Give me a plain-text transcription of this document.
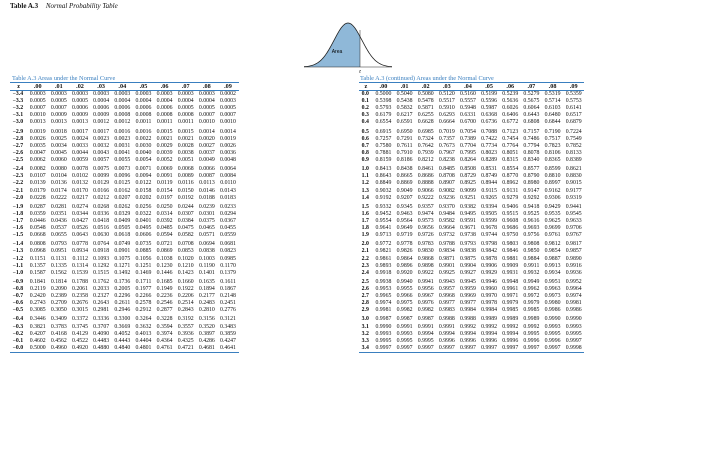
Table A.3 Normal Probability Table
Area
z
Table A.3 Areas under the Normal Curve	Table A.3 (continued) Areas under the Normal Curve
z	.00	.01	.02	.03	.04	.05	.06	.07	.08	.09
−3.4	0.0003	0.0003	0.0003	0.0003	0.0003	0.0003	0.0003	0.0003	0.0003	0.0002
−3.3	0.0005	0.0005	0.0005	0.0004	0.0004	0.0004	0.0004	0.0004	0.0004	0.0003
−3.2	0.0007	0.0007	0.0006	0.0006	0.0006	0.0006	0.0006	0.0005	0.0005	0.0005
−3.1	0.0010	0.0009	0.0009	0.0009	0.0008	0.0008	0.0008	0.0008	0.0007	0.0007
−3.0	0.0013	0.0013	0.0013	0.0012	0.0012	0.0011	0.0011	0.0011	0.0010	0.0010
−2.9	0.0019	0.0018	0.0017	0.0017	0.0016	0.0016	0.0015	0.0015	0.0014	0.0014
−2.8	0.0026	0.0025	0.0024	0.0023	0.0023	0.0022	0.0021	0.0021	0.0020	0.0019
−2.7	0.0035	0.0034	0.0033	0.0032	0.0031	0.0030	0.0029	0.0028	0.0027	0.0026
−2.6	0.0047	0.0045	0.0044	0.0043	0.0041	0.0040	0.0039	0.0038	0.0037	0.0036
−2.5	0.0062	0.0060	0.0059	0.0057	0.0055	0.0054	0.0052	0.0051	0.0049	0.0048
−2.4	0.0082	0.0080	0.0078	0.0075	0.0073	0.0071	0.0069	0.0068	0.0066	0.0064
−2.3	0.0107	0.0104	0.0102	0.0099	0.0096	0.0094	0.0091	0.0089	0.0087	0.0084
−2.2	0.0139	0.0136	0.0132	0.0129	0.0125	0.0122	0.0119	0.0116	0.0113	0.0110
−2.1	0.0179	0.0174	0.0170	0.0166	0.0162	0.0158	0.0154	0.0150	0.0146	0.0143
−2.0	0.0228	0.0222	0.0217	0.0212	0.0207	0.0202	0.0197	0.0192	0.0188	0.0183
−1.9	0.0287	0.0281	0.0274	0.0268	0.0262	0.0256	0.0250	0.0244	0.0239	0.0233
−1.8	0.0359	0.0351	0.0344	0.0336	0.0329	0.0322	0.0314	0.0307	0.0301	0.0294
−1.7	0.0446	0.0436	0.0427	0.0418	0.0409	0.0401	0.0392	0.0384	0.0375	0.0367
−1.6	0.0548	0.0537	0.0526	0.0516	0.0505	0.0495	0.0485	0.0475	0.0465	0.0455
−1.5	0.0668	0.0655	0.0643	0.0630	0.0618	0.0606	0.0594	0.0582	0.0571	0.0559
−1.4	0.0808	0.0793	0.0778	0.0764	0.0749	0.0735	0.0721	0.0708	0.0694	0.0681
−1.3	0.0968	0.0951	0.0934	0.0918	0.0901	0.0885	0.0869	0.0853	0.0838	0.0823
−1.2	0.1151	0.1131	0.1112	0.1093	0.1075	0.1056	0.1038	0.1020	0.1003	0.0985
−1.1	0.1357	0.1335	0.1314	0.1292	0.1271	0.1251	0.1230	0.1210	0.1190	0.1170
−1.0	0.1587	0.1562	0.1539	0.1515	0.1492	0.1469	0.1446	0.1423	0.1401	0.1379
−0.9	0.1841	0.1814	0.1788	0.1762	0.1736	0.1711	0.1685	0.1660	0.1635	0.1611
−0.8	0.2119	0.2090	0.2061	0.2033	0.2005	0.1977	0.1949	0.1922	0.1894	0.1867
−0.7	0.2420	0.2389	0.2358	0.2327	0.2296	0.2266	0.2236	0.2206	0.2177	0.2148
−0.6	0.2743	0.2709	0.2676	0.2643	0.2611	0.2578	0.2546	0.2514	0.2483	0.2451
−0.5	0.3085	0.3050	0.3015	0.2981	0.2946	0.2912	0.2877	0.2843	0.2810	0.2776
−0.4	0.3446	0.3409	0.3372	0.3336	0.3300	0.3264	0.3228	0.3192	0.3156	0.3121
−0.3	0.3821	0.3783	0.3745	0.3707	0.3669	0.3632	0.3594	0.3557	0.3520	0.3483
−0.2	0.4207	0.4168	0.4129	0.4090	0.4052	0.4013	0.3974	0.3936	0.3897	0.3859
−0.1	0.4602	0.4562	0.4522	0.4483	0.4443	0.4404	0.4364	0.4325	0.4286	0.4247
−0.0	0.5000	0.4960	0.4920	0.4880	0.4840	0.4801	0.4761	0.4721	0.4681	0.4641
z	.00	.01	.02	.03	.04	.05	.06	.07	.08	.09
0.0	0.5000	0.5040	0.5080	0.5120	0.5160	0.5199	0.5239	0.5279	0.5319	0.5359
0.1	0.5398	0.5438	0.5478	0.5517	0.5557	0.5596	0.5636	0.5675	0.5714	0.5753
0.2	0.5793	0.5832	0.5871	0.5910	0.5948	0.5987	0.6026	0.6064	0.6103	0.6141
0.3	0.6179	0.6217	0.6255	0.6293	0.6331	0.6368	0.6406	0.6443	0.6480	0.6517
0.4	0.6554	0.6591	0.6628	0.6664	0.6700	0.6736	0.6772	0.6808	0.6844	0.6879
0.5	0.6915	0.6950	0.6985	0.7019	0.7054	0.7088	0.7123	0.7157	0.7190	0.7224
0.6	0.7257	0.7291	0.7324	0.7357	0.7389	0.7422	0.7454	0.7486	0.7517	0.7549
0.7	0.7580	0.7611	0.7642	0.7673	0.7704	0.7734	0.7764	0.7794	0.7823	0.7852
0.8	0.7881	0.7910	0.7939	0.7967	0.7995	0.8023	0.8051	0.8078	0.8106	0.8133
0.9	0.8159	0.8186	0.8212	0.8238	0.8264	0.8289	0.8315	0.8340	0.8365	0.8389
1.0	0.8413	0.8438	0.8461	0.8485	0.8508	0.8531	0.8554	0.8577	0.8599	0.8621
1.1	0.8643	0.8665	0.8686	0.8708	0.8729	0.8749	0.8770	0.8790	0.8810	0.8830
1.2	0.8849	0.8869	0.8888	0.8907	0.8925	0.8944	0.8962	0.8980	0.8997	0.9015
1.3	0.9032	0.9049	0.9066	0.9082	0.9099	0.9115	0.9131	0.9147	0.9162	0.9177
1.4	0.9192	0.9207	0.9222	0.9236	0.9251	0.9265	0.9279	0.9292	0.9306	0.9319
1.5	0.9332	0.9345	0.9357	0.9370	0.9382	0.9394	0.9406	0.9418	0.9429	0.9441
1.6	0.9452	0.9463	0.9474	0.9484	0.9495	0.9505	0.9515	0.9525	0.9535	0.9545
1.7	0.9554	0.9564	0.9573	0.9582	0.9591	0.9599	0.9608	0.9616	0.9625	0.9633
1.8	0.9641	0.9649	0.9656	0.9664	0.9671	0.9678	0.9686	0.9693	0.9699	0.9706
1.9	0.9713	0.9719	0.9726	0.9732	0.9738	0.9744	0.9750	0.9756	0.9761	0.9767
2.0	0.9772	0.9778	0.9783	0.9788	0.9793	0.9798	0.9803	0.9808	0.9812	0.9817
2.1	0.9821	0.9826	0.9830	0.9834	0.9838	0.9842	0.9846	0.9850	0.9854	0.9857
2.2	0.9861	0.9864	0.9868	0.9871	0.9875	0.9878	0.9881	0.9884	0.9887	0.9890
2.3	0.9893	0.9896	0.9898	0.9901	0.9904	0.9906	0.9909	0.9911	0.9913	0.9916
2.4	0.9918	0.9920	0.9922	0.9925	0.9927	0.9929	0.9931	0.9932	0.9934	0.9936
2.5	0.9938	0.9940	0.9941	0.9943	0.9945	0.9946	0.9948	0.9949	0.9951	0.9952
2.6	0.9953	0.9955	0.9956	0.9957	0.9959	0.9960	0.9961	0.9962	0.9963	0.9964
2.7	0.9965	0.9966	0.9967	0.9968	0.9969	0.9970	0.9971	0.9972	0.9973	0.9974
2.8	0.9974	0.9975	0.9976	0.9977	0.9977	0.9978	0.9979	0.9979	0.9980	0.9981
2.9	0.9981	0.9982	0.9982	0.9983	0.9984	0.9984	0.9985	0.9985	0.9986	0.9986
3.0	0.9987	0.9987	0.9987	0.9988	0.9988	0.9989	0.9989	0.9989	0.9990	0.9990
3.1	0.9990	0.9991	0.9991	0.9991	0.9992	0.9992	0.9992	0.9992	0.9993	0.9993
3.2	0.9993	0.9993	0.9994	0.9994	0.9994	0.9994	0.9994	0.9995	0.9995	0.9995
3.3	0.9995	0.9995	0.9995	0.9996	0.9996	0.9996	0.9996	0.9996	0.9996	0.9997
3.4	0.9997	0.9997	0.9997	0.9997	0.9997	0.9997	0.9997	0.9997	0.9997	0.9998
